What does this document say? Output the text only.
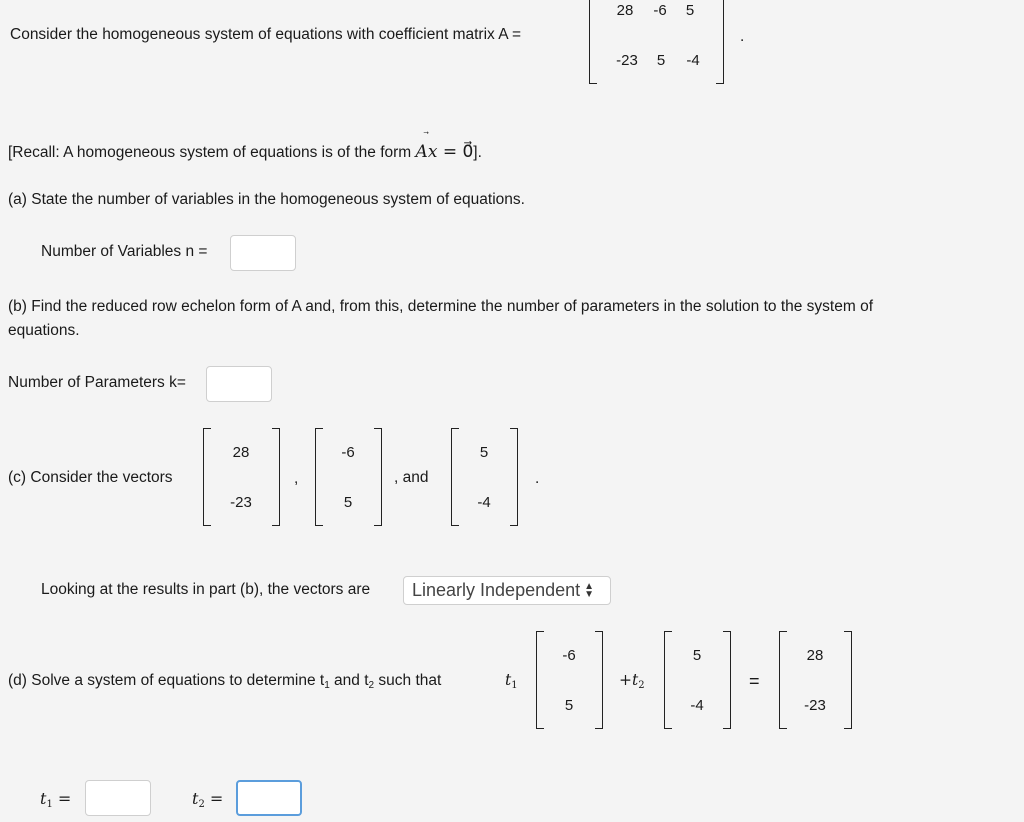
Consider the homogeneous system of equations with coefficient matrix A =
28	-6	5
-23	5	-4
.
[Recall: A homogeneous system of equations is of the form Ax = 0⃗].
(a) State the number of variables in the homogeneous system of equations.
Number of Variables n =
(b) Find the reduced row echelon form of A and, from this, determine the number of parameters in the solution to the system of
equations.
Number of Parameters k=
(c) Consider the vectors
28
-23
,
-6
5
, and
5
-4
.
Looking at the results in part (b), the vectors are	Linearly Independent ▲
▼
(d) Solve a system of equations to determine t1 and t2 such that	t1
-6
5
+t2
5
-4
=
28
-23
t1 =	t2 =
